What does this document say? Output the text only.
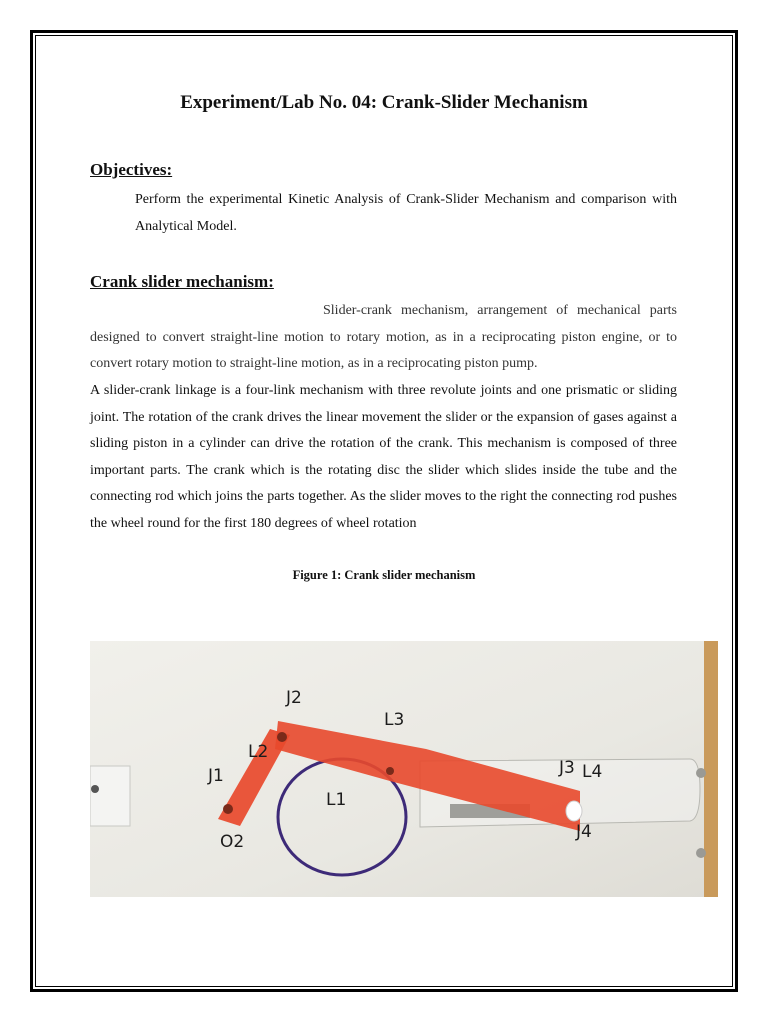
Experiment/Lab No. 04: Crank-Slider Mechanism
Objectives:

Perform the experimental Kinetic Analysis of Crank-Slider Mechanism and comparison with Analytical Model.

Crank slider mechanism:

Slider-crank mechanism, arrangement of mechanical parts designed to convert straight-line motion to rotary motion, as in a reciprocating piston engine, or to convert rotary motion to straight-line motion, as in a reciprocating piston pump.

A slider-crank linkage is a four-link mechanism with three revolute joints and one prismatic or sliding joint. The rotation of the crank drives the linear movement the slider or the expansion of gases against a sliding piston in a cylinder can drive the rotation of the crank. This mechanism is composed of three important parts. The crank which is the rotating disc the slider which slides inside the tube and the connecting rod which joins the parts together. As the slider moves to the right the connecting rod pushes the wheel round for the first 180 degrees of wheel rotation

Figure 1: Crank slider mechanism

J2
L3
L2
J1
L1
O2
J3 L4
J4
